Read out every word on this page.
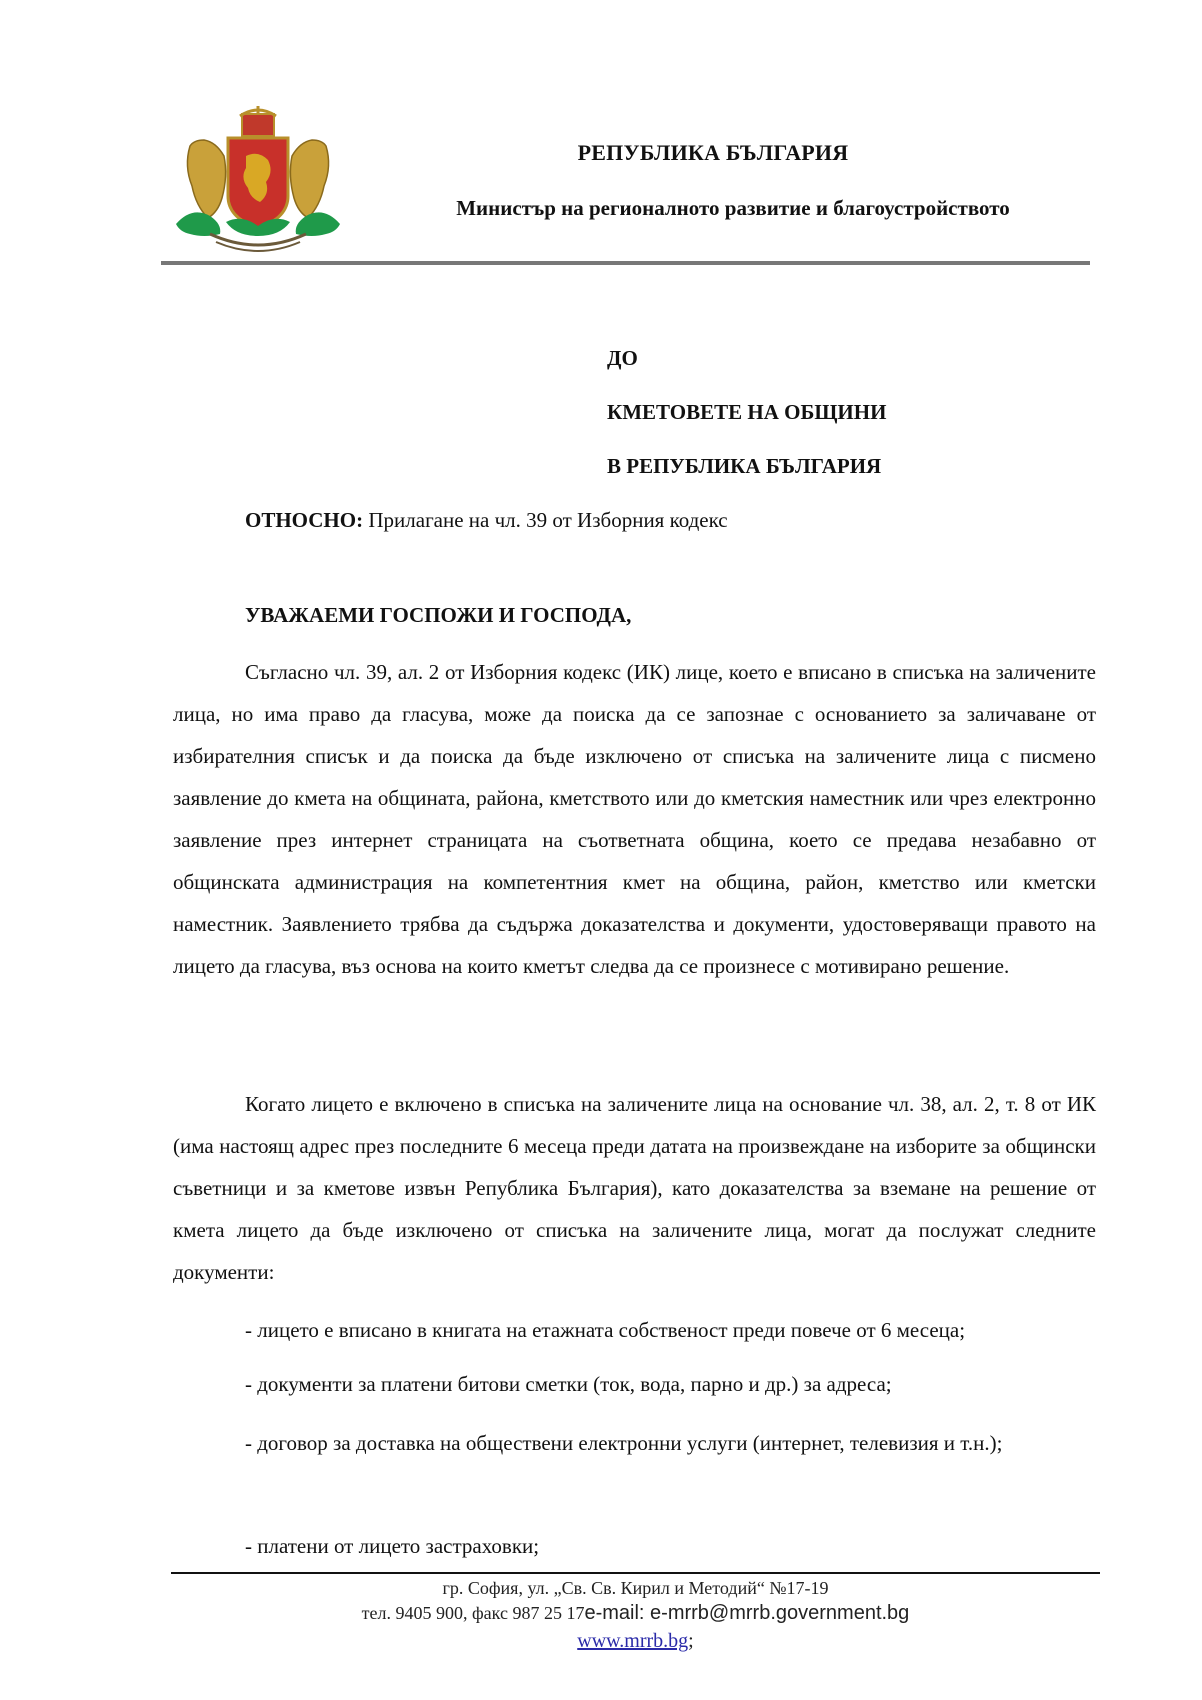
РЕПУБЛИКА БЪЛГАРИЯ
Министър на регионалното развитие и благоустройството
ДО
КМЕТОВЕТЕ НА ОБЩИНИ
В РЕПУБЛИКА БЪЛГАРИЯ
ОТНОСНО: Прилагане на чл. 39 от Изборния кодекс
УВАЖАЕМИ ГОСПОЖИ И ГОСПОДА,

Съгласно чл. 39, ал. 2 от Изборния кодекс (ИК) лице, което е вписано в списъка на заличените лица, но има право да гласува, може да поиска да се запознае с основанието за заличаване от избирателния списък и да поиска да бъде изключено от списъка на заличените лица с писмено заявление до кмета на общината, района, кметството или до кметския наместник или чрез електронно заявление през интернет страницата на съответната община, което се предава незабавно от общинската администрация на компетентния кмет на община, район, кметство или кметски наместник. Заявлението трябва да съдържа доказателства и документи, удостоверяващи правото на лицето да гласува, въз основа на които кметът следва да се произнесе с мотивирано решение.

Когато лицето е включено в списъка на заличените лица на основание чл. 38, ал. 2, т. 8 от ИК (има настоящ адрес през последните 6 месеца преди датата на произвеждане на изборите за общински съветници и за кметове извън Република България), като доказателства за вземане на решение от кмета лицето да бъде изключено от списъка на заличените лица, могат да послужат следните документи:

- лицето е вписано в книгата на етажната собственост преди повече от 6 месеца;
- документи за платени битови сметки (ток, вода, парно и др.) за адреса;
- договор за доставка на обществени електронни услуги (интернет, телевизия и т.н.);
- платени от лицето застраховки;
гр. София, ул. „Св. Св. Кирил и Методий“ №17-19
тел. 9405 900, факс 987 25 17e-mail: e-mrrb@mrrb.government.bg
www.mrrb.bg;
